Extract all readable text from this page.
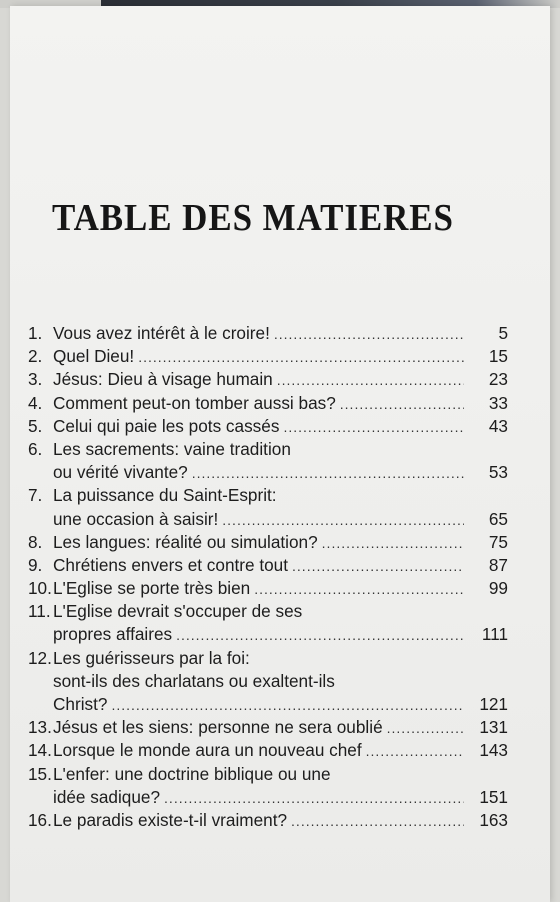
TABLE DES MATIERES
1. Vous avez intérêt à le croire! .....	5
2. Quel Dieu! .....	15
3. Jésus: Dieu à visage humain .....	23
4. Comment peut-on tomber aussi bas? .....	33
5. Celui qui paie les pots cassés .....	43
6. Les sacrements: vaine tradition
ou vérité vivante? .....	53
7. La puissance du Saint-Esprit:
une occasion à saisir! .....	65
8. Les langues: réalité ou simulation? .....	75
9. Chrétiens envers et contre tout .....	87
10. L'Eglise se porte très bien .....	99
11. L'Eglise devrait s'occuper de ses
propres affaires .....	111
12. Les guérisseurs par la foi:
sont-ils des charlatans ou exaltent-ils
Christ? .....	121
13. Jésus et les siens: personne ne sera oublié .....	131
14. Lorsque le monde aura un nouveau chef .....	143
15. L'enfer: une doctrine biblique ou une
idée sadique? .....	151
16. Le paradis existe-t-il vraiment? .....	163
